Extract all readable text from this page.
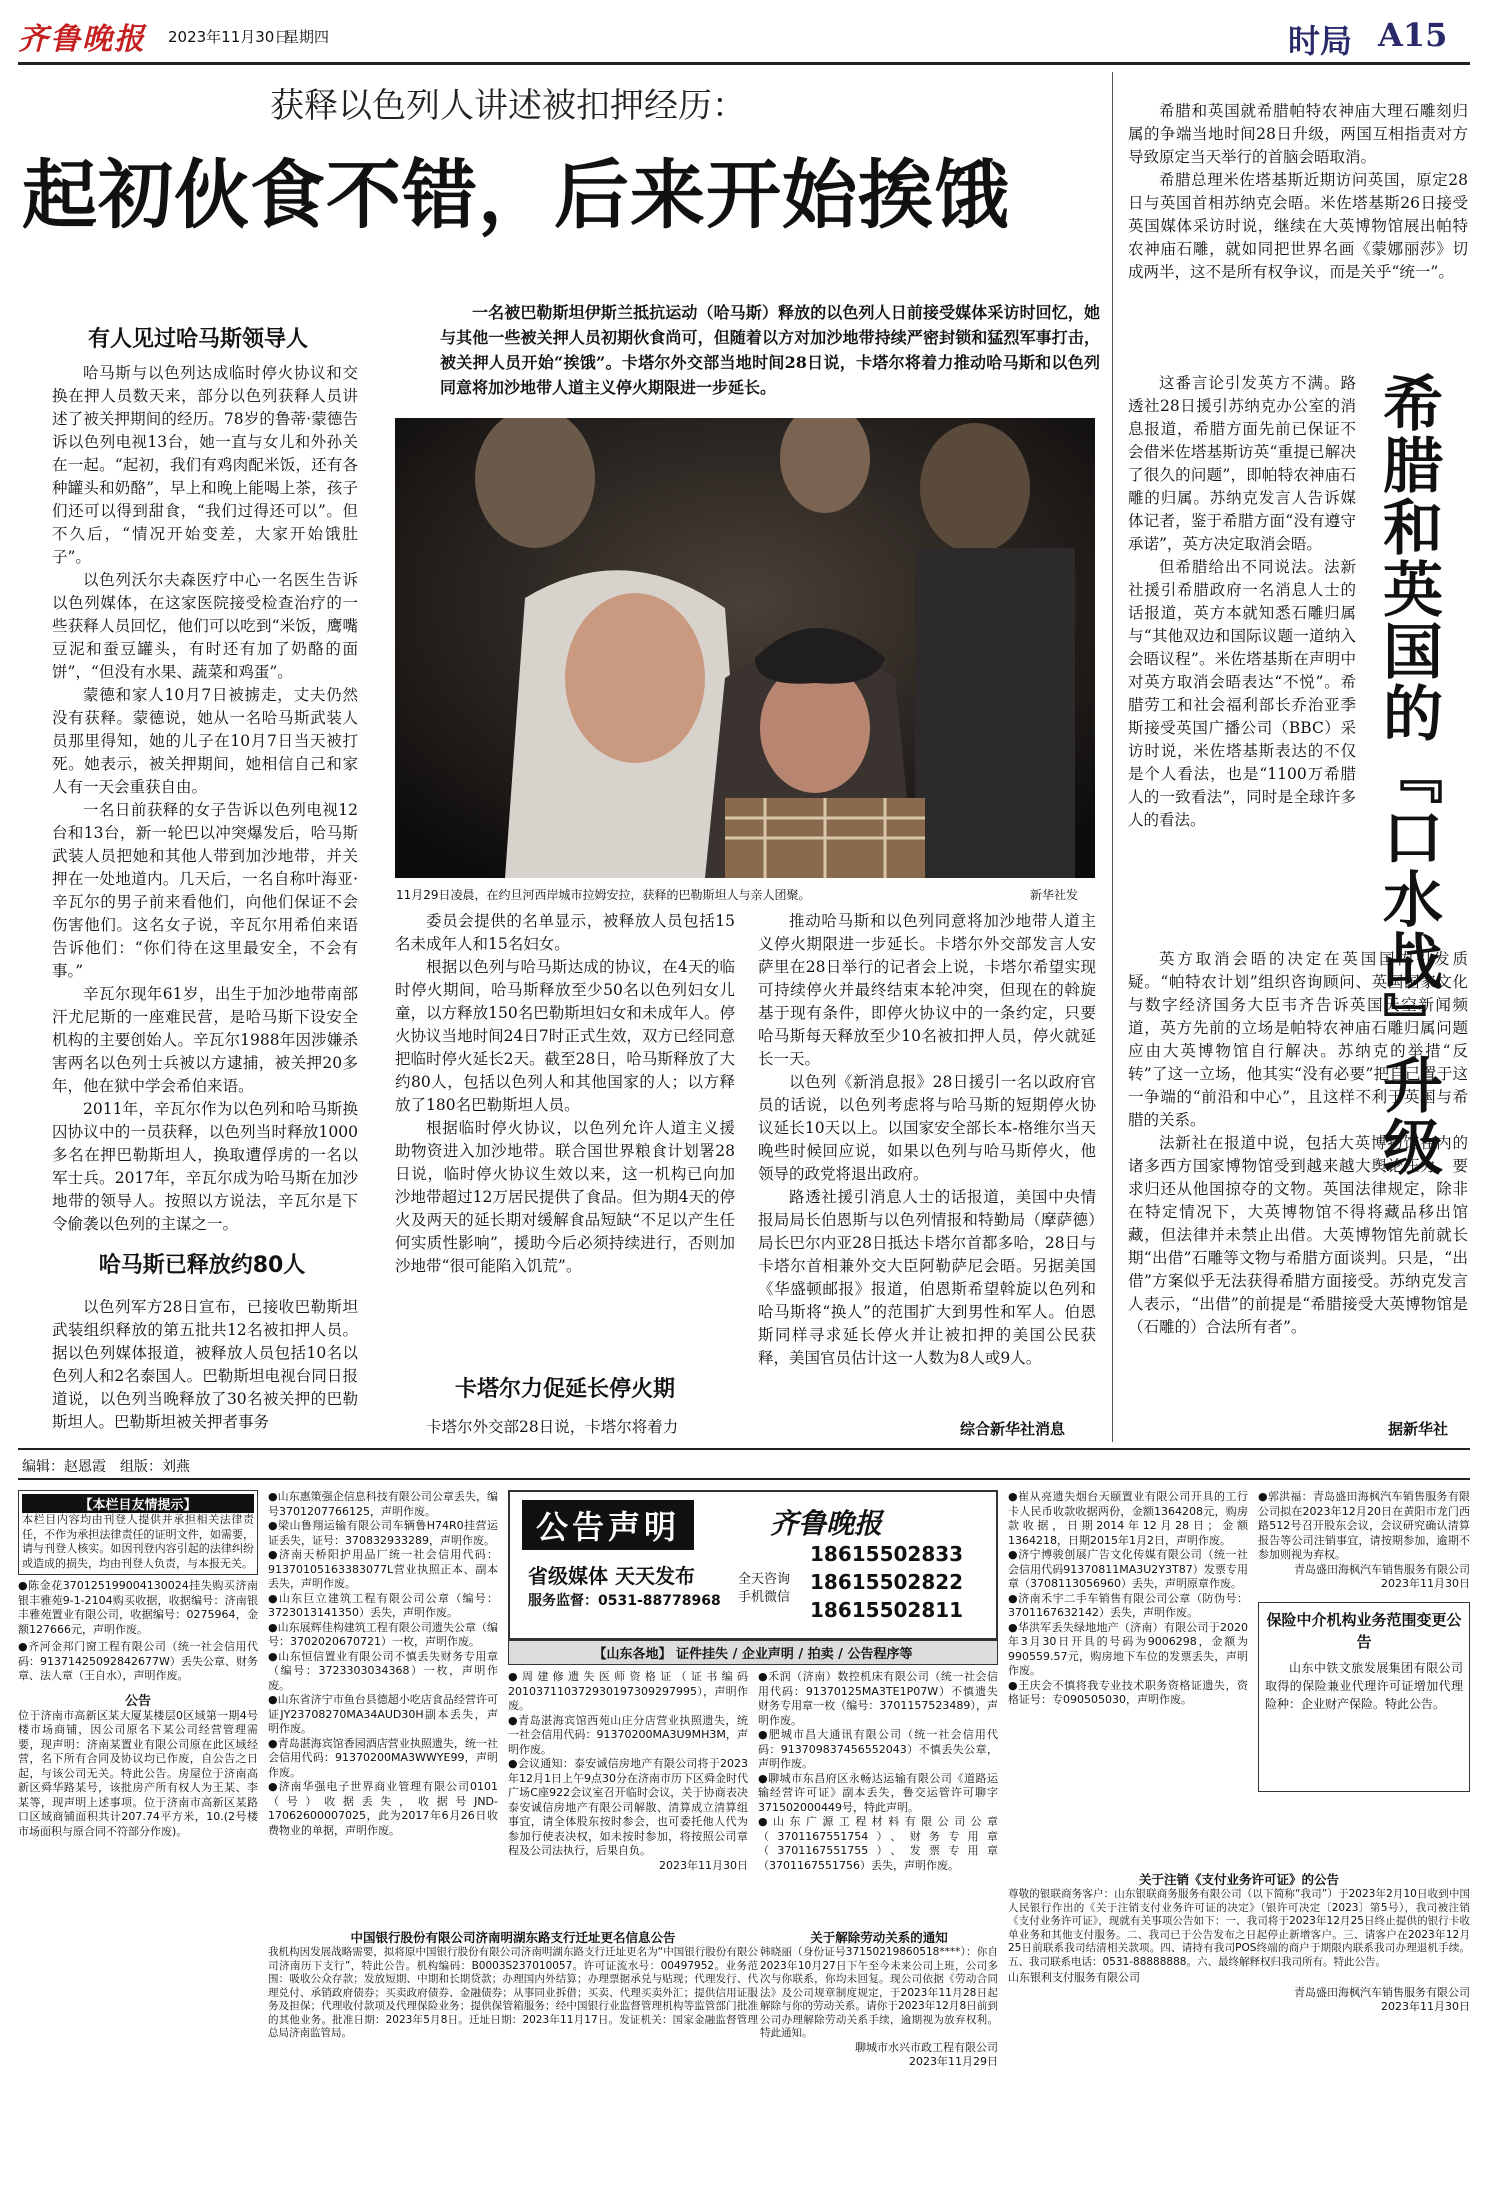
齐鲁晚报 2023年11月30日
星期四	时局 A15
获释以色列人讲述被扣押经历：
起初伙食不错，后来开始挨饿
一名被巴勒斯坦伊斯兰抵抗运动（哈马斯）释放的以色列人日前接受媒体采访时回忆，她与其他一些被关押人员初期伙食尚可，但随着以方对加沙地带持续严密封锁和猛烈军事打击，被关押人员开始“挨饿”。卡塔尔外交部当地时间28日说，卡塔尔将着力推动哈马斯和以色列同意将加沙地带人道主义停火期限进一步延长。
有人见过哈马斯领导人

哈马斯与以色列达成临时停火协议和交换在押人员数天来，部分以色列获释人员讲述了被关押期间的经历。78岁的鲁蒂·蒙德告诉以色列电视13台，她一直与女儿和外孙关在一起。“起初，我们有鸡肉配米饭，还有各种罐头和奶酪”，早上和晚上能喝上茶，孩子们还可以得到甜食，“我们过得还可以”。但不久后，“情况开始变差，大家开始饿肚子”。

以色列沃尔夫森医疗中心一名医生告诉以色列媒体，在这家医院接受检查治疗的一些获释人员回忆，他们可以吃到“米饭，鹰嘴豆泥和蚕豆罐头，有时还有加了奶酪的面饼”，“但没有水果、蔬菜和鸡蛋”。

蒙德和家人10月7日被掳走，丈夫仍然没有获释。蒙德说，她从一名哈马斯武装人员那里得知，她的儿子在10月7日当天被打死。她表示，被关押期间，她相信自己和家人有一天会重获自由。

一名日前获释的女子告诉以色列电视12台和13台，新一轮巴以冲突爆发后，哈马斯武装人员把她和其他人带到加沙地带，并关押在一处地道内。几天后，一名自称叶海亚·辛瓦尔的男子前来看他们，向他们保证不会伤害他们。这名女子说，辛瓦尔用希伯来语告诉他们：“你们待在这里最安全，不会有事。”

辛瓦尔现年61岁，出生于加沙地带南部汗尤尼斯的一座难民营，是哈马斯下设安全机构的主要创始人。辛瓦尔1988年因涉嫌杀害两名以色列士兵被以方逮捕，被关押20多年，他在狱中学会希伯来语。

2011年，辛瓦尔作为以色列和哈马斯换囚协议中的一员获释，以色列当时释放1000多名在押巴勒斯坦人，换取遭俘虏的一名以军士兵。2017年，辛瓦尔成为哈马斯在加沙地带的领导人。按照以方说法，辛瓦尔是下令偷袭以色列的主谋之一。

哈马斯已释放约80人

以色列军方28日宣布，已接收巴勒斯坦武装组织释放的第五批共12名被扣押人员。据以色列媒体报道，被释放人员包括10名以色列人和2名泰国人。巴勒斯坦电视台同日报道说，以色列当晚释放了30名被关押的巴勒斯坦人。巴勒斯坦被关押者事务

11月29日凌晨，在约旦河西岸城市拉姆安拉，获释的巴勒斯坦人与亲人团聚。	新华社发

委员会提供的名单显示，被释放人员包括15名未成年人和15名妇女。

根据以色列与哈马斯达成的协议，在4天的临时停火期间，哈马斯释放至少50名以色列妇女儿童，以方释放150名巴勒斯坦妇女和未成年人。停火协议当地时间24日7时正式生效，双方已经同意把临时停火延长2天。截至28日，哈马斯释放了大约80人，包括以色列人和其他国家的人；以方释放了180名巴勒斯坦人员。

根据临时停火协议，以色列允许人道主义援助物资进入加沙地带。联合国世界粮食计划署28日说，临时停火协议生效以来，这一机构已向加沙地带超过12万居民提供了食品。但为期4天的停火及两天的延长期对缓解食品短缺“不足以产生任何实质性影响”，援助今后必须持续进行，否则加沙地带“很可能陷入饥荒”。

卡塔尔力促延长停火期

卡塔尔外交部28日说，卡塔尔将着力

推动哈马斯和以色列同意将加沙地带人道主义停火期限进一步延长。卡塔尔外交部发言人安萨里在28日举行的记者会上说，卡塔尔希望实现可持续停火并最终结束本轮冲突，但现在的斡旋基于现有条件，即停火协议中的一条约定，只要哈马斯每天释放至少10名被扣押人员，停火就延长一天。

以色列《新消息报》28日援引一名以政府官员的话说，以色列考虑将与哈马斯的短期停火协议延长10天以上。以国家安全部长本-格维尔当天晚些时候回应说，如果以色列与哈马斯停火，他领导的政党将退出政府。

路透社援引消息人士的话报道，美国中央情报局局长伯恩斯与以色列情报和特勤局（摩萨德）局长巴尔内亚28日抵达卡塔尔首都多哈，28日与卡塔尔首相兼外交大臣阿勒萨尼会晤。另据美国《华盛顿邮报》报道，伯恩斯希望斡旋以色列和哈马斯将“换人”的范围扩大到男性和军人。伯恩斯同样寻求延长停火并让被扣押的美国公民获释，美国官员估计这一人数为8人或9人。

综合新华社消息

希腊和英国就希腊帕特农神庙大理石雕刻归属的争端当地时间28日升级，两国互相指责对方导致原定当天举行的首脑会晤取消。

希腊总理米佐塔基斯近期访问英国，原定28日与英国首相苏纳克会晤。米佐塔基斯26日接受英国媒体采访时说，继续在大英博物馆展出帕特农神庙石雕，就如同把世界名画《蒙娜丽莎》切成两半，这不是所有权争议，而是关乎“统一”。

这番言论引发英方不满。路透社28日援引苏纳克办公室的消息报道，希腊方面先前已保证不会借米佐塔基斯访英“重提已解决了很久的问题”，即帕特农神庙石雕的归属。苏纳克发言人告诉媒体记者，鉴于希腊方面“没有遵守承诺”，英方决定取消会晤。

但希腊给出不同说法。法新社援引希腊政府一名消息人士的话报道，英方本就知悉石雕归属与“其他双边和国际议题一道纳入会晤议程”。米佐塔基斯在声明中对英方取消会晤表达“不悦”。希腊劳工和社会福利部长乔治亚季斯接受英国广播公司（BBC）采访时说，米佐塔基斯表达的不仅是个人看法，也是“1100万希腊人的一致看法”，同时是全球许多人的看法。	希腊和英国的『口水战』升级

英方取消会晤的决定在英国国内引发质疑。“帕特农计划”组织咨询顾问、英国国家文化与数字经济国务大臣韦齐告诉英国天空新闻频道，英方先前的立场是帕特农神庙石雕归属问题应由大英博物馆自行解决。苏纳克的举措“反转”了这一立场，他其实“没有必要”把自己置于这一争端的“前沿和中心”，且这样不利于英国与希腊的关系。

法新社在报道中说，包括大英博物馆在内的诸多西方国家博物馆受到越来越大舆论压力，要求归还从他国掠夺的文物。英国法律规定，除非在特定情况下，大英博物馆不得将藏品移出馆藏，但法律并未禁止出借。大英博物馆先前就长期“出借”石雕等文物与希腊方面谈判。只是，“出借”方案似乎无法获得希腊方面接受。苏纳克发言人表示，“出借”的前提是“希腊接受大英博物馆是（石雕的）合法所有者”。

据新华社
编辑：赵恩霞　组版：刘燕
【本栏目友情提示】
本栏目内容均由刊登人提供并承担相关法律责任，不作为承担法律责任的证明文件，如需要，请与刊登人核实。如因刊登内容引起的法律纠纷或造成的损失，均由刊登人负责，与本报无关。
●陈金花370125199004130024挂失购买济南银丰雅苑9-1-2104购买收据，收据编号：济南银丰雅苑置业有限公司，收据编号：0275964，金额127666元，声明作废。
●齐河金邦门窗工程有限公司（统一社会信用代码：91371425092842677W）丢失公章、财务章、法人章（王自水），声明作废。
公告
位于济南市高新区某大厦某楼层0区域第一期4号楼市场商铺，因公司原名下某公司经营管理需要，现声明：济南某置业有限公司原在此区域经营，名下所有合同及协议均已作废，自公告之日起，与该公司无关。特此公告。房屋位于济南高新区舜华路某号，该批房产所有权人为王某、李某等，现声明上述事项。位于济南市高新区某路口区域商铺面积共计207.74平方米，10.(2号楼市场面积与原合同不符部分作废)。
●山东惠策强企信息科技有限公司公章丢失，编号3701207766125，声明作废。
●梁山鲁翔运输有限公司车辆鲁H74R0挂营运证丢失，证号：370832933289，声明作废。
●济南天桥阳护用品厂统一社会信用代码：91370105163383077L营业执照正本、副本丢失，声明作废。
●山东巨立建筑工程有限公司公章（编号：3723013141350）丢失，声明作废。
●山东展辉佳构建筑工程有限公司遗失公章（编号：3702020670721）一枚，声明作废。
●山东恒信置业有限公司不慎丢失财务专用章（编号：3723303034368）一枚，声明作废。
●山东省济宁市鱼台县德超小吃店食品经营许可证JY23708270MA34AUD30H副本丢失，声明作废。
●青岛湛海宾馆香园酒店营业执照遗失，统一社会信用代码：91370200MA3WWYE99，声明作废。
●济南华强电子世界商业管理有限公司0101（号）收据丢失，收据号JND-17062600007025，此为2017年6月26日收费物业的单据，声明作废。
中国银行股份有限公司济南明湖东路支行迁址更名信息公告
我机构因发展战略需要，拟将原中国银行股份有限公司济南明湖东路支行迁址更名为“中国银行股份有限公司济南历下支行”，特此公告。机构编码：B0003S237010057。许可证流水号：00497952。业务范围：吸收公众存款；发放短期、中期和长期贷款；办理国内外结算；办理票据承兑与贴现；代理发行、代理兑付、承销政府债券；买卖政府债券、金融债券；从事同业拆借；买卖、代理买卖外汇；提供信用证服务及担保；代理收付款项及代理保险业务；提供保管箱服务；经中国银行业监督管理机构等监管部门批准的其他业务。批准日期：2023年5月8日。迁址日期：2023年11月17日。发证机关：国家金融监督管理总局济南监管局。
公告声明	齐鲁晚报
省级媒体 天天发布
服务监督：0531-88778968
全天咨询
手机微信
18615502833
18615502822
18615502811
【山东各地】 证件挂失 / 企业声明 / 拍卖 / 公告程序等
●周建修遗失医师资格证（证书编码201037110372930197309297995），声明作废。
●青岛湛海宾馆西苑山庄分店营业执照遗失，统一社会信用代码：91370200MA3U9MH3M，声明作废。
●会议通知：泰安诚信房地产有限公司将于2023年12月1日上午9点30分在济南市历下区舜金时代广场C座922会议室召开临时会议，关于协商表决泰安诚信房地产有限公司解散、清算成立清算组事宜，请全体股东按时参会，也可委托他人代为参加行使表决权，如未按时参加，将按照公司章程及公司法执行，后果自负。
2023年11月30日
●禾润（济南）数控机床有限公司（统一社会信用代码：91370125MA3TE1P07W）不慎遗失财务专用章一枚（编号：3701157523489），声明作废。
●肥城市昌大通讯有限公司（统一社会信用代码：913709837456552043）不慎丢失公章，声明作废。
●聊城市东昌府区永畅达运输有限公司《道路运输经营许可证》副本丢失，鲁交运管许可聊字371502000449号，特此声明。
●山东广源工程材料有限公司公章（3701167551754）、财务专用章（3701167551755）、发票专用章（3701167551756）丢失，声明作废。
关于解除劳动关系的通知
韩晓丽（身份证号37150219860518****）：你自2023年10月27日下午至今未来公司上班，公司多次与你联系，你均未回复。现公司依据《劳动合同法》及公司规章制度规定，于2023年11月28日起解除与你的劳动关系。请你于2023年12月8日前到公司办理解除劳动关系手续，逾期视为放弃权利。特此通知。
聊城市水兴市政工程有限公司
2023年11月29日
●崔从亮遗失烟台天颐置业有限公司开具的工行卡人民币收款收据两份，金额1364208元，购房款收据，日期2014年12月28日；金额1364218，日期2015年1月2日，声明作废。
●济宁博骏创展广告文化传媒有限公司（统一社会信用代码91370811MA3U2Y3T87）发票专用章（3708113056960）丢失，声明原章作废。
●济南禾宇二手车销售有限公司公章（防伪号：3701167632142）丢失，声明作废。
●华洪军丢失绿地地产（济南）有限公司于2020年3月30日开具的号码为9006298，金额为990559.57元，购房地下车位的发票丢失，声明作废。
●王庆会不慎将我专业技术职务资格证遗失，资格证号：专090505030，声明作废。
关于注销《支付业务许可证》的公告
尊敬的银联商务客户：山东银联商务服务有限公司（以下简称“我司”）于2023年2月10日收到中国人民银行作出的《关于注销支付业务许可证的决定》（银许可决定〔2023〕第5号），我司被注销《支付业务许可证》，现就有关事项公告如下：一、我司将于2023年12月25日终止提供的银行卡收单业务和其他支付服务。二、我司已于公告发布之日起停止新增客户。三、请客户在2023年12月25日前联系我司结清相关款项。四、请持有我司POS终端的商户于期限内联系我司办理退机手续。五、我司联系电话：0531-88888888。六、最终解释权归我司所有。特此公告。
山东银利支付服务有限公司
青岛盛田海枫汽车销售服务有限公司
2023年11月30日
●郭洪福：青岛盛田海枫汽车销售服务有限公司拟在2023年12月20日在黄阳市龙门西路512号召开股东会议，会议研究确认清算报告等公司注销事宜，请按期参加，逾期不参加则视为弃权。
青岛盛田海枫汽车销售服务有限公司
2023年11月30日
保险中介机构业务范围变更公告
山东中铁文旅发展集团有限公司取得的保险兼业代理许可证增加代理险种：企业财产保险。特此公告。
